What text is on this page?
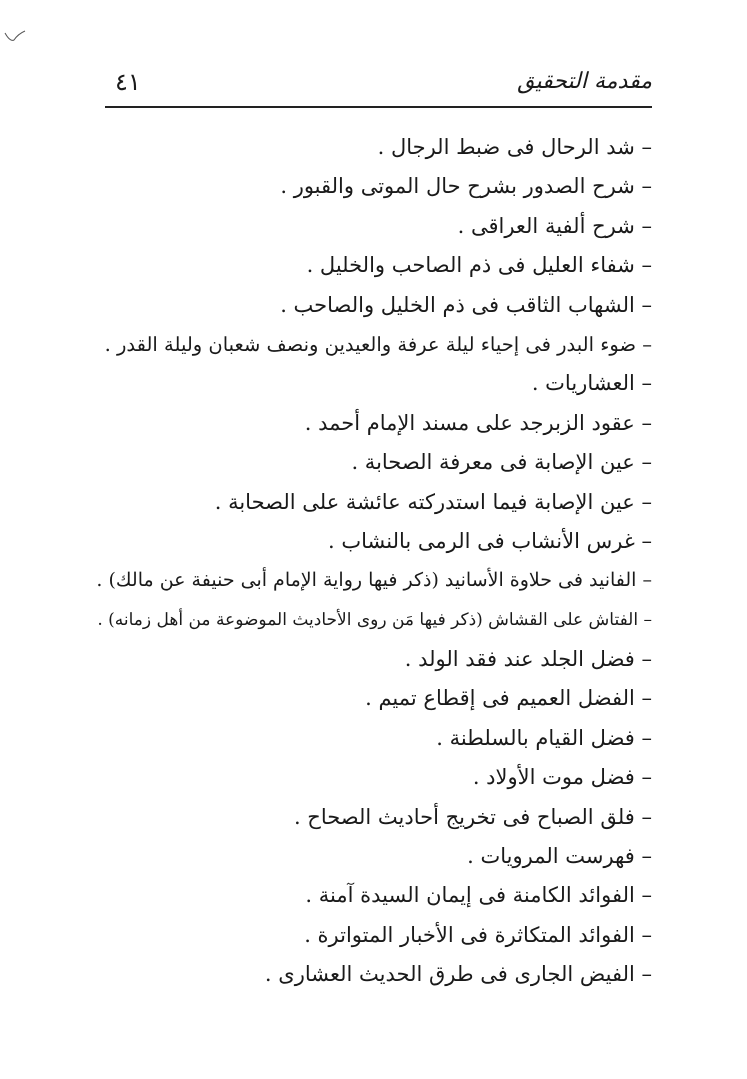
٤١	مقدمة التحقيق
– شد الرحال فى ضبط الرجال .
– شرح الصدور بشرح حال الموتى والقبور .
– شرح ألفية العراقى .
– شفاء العليل فى ذم الصاحب والخليل .
– الشهاب الثاقب فى ذم الخليل والصاحب .
– ضوء البدر فى إحياء ليلة عرفة والعيدين ونصف شعبان وليلة القدر .
– العشاريات .
– عقود الزبرجد على مسند الإمام أحمد .
– عين الإصابة فى معرفة الصحابة .
– عين الإصابة فيما استدركته عائشة على الصحابة .
– غرس الأنشاب فى الرمى بالنشاب .
– الفانيد فى حلاوة الأسانيد (ذكر فيها رواية الإمام أبى حنيفة عن مالك) .
– الفتاش على القشاش (ذكر فيها مَن روى الأحاديث الموضوعة من أهل زمانه) .
– فضل الجلد عند فقد الولد .
– الفضل العميم فى إقطاع تميم .
– فضل القيام بالسلطنة .
– فضل موت الأولاد .
– فلق الصباح فى تخريج أحاديث الصحاح .
– فهرست المرويات .
– الفوائد الكامنة فى إيمان السيدة آمنة .
– الفوائد المتكاثرة فى الأخبار المتواترة .
– الفيض الجارى فى طرق الحديث العشارى .
